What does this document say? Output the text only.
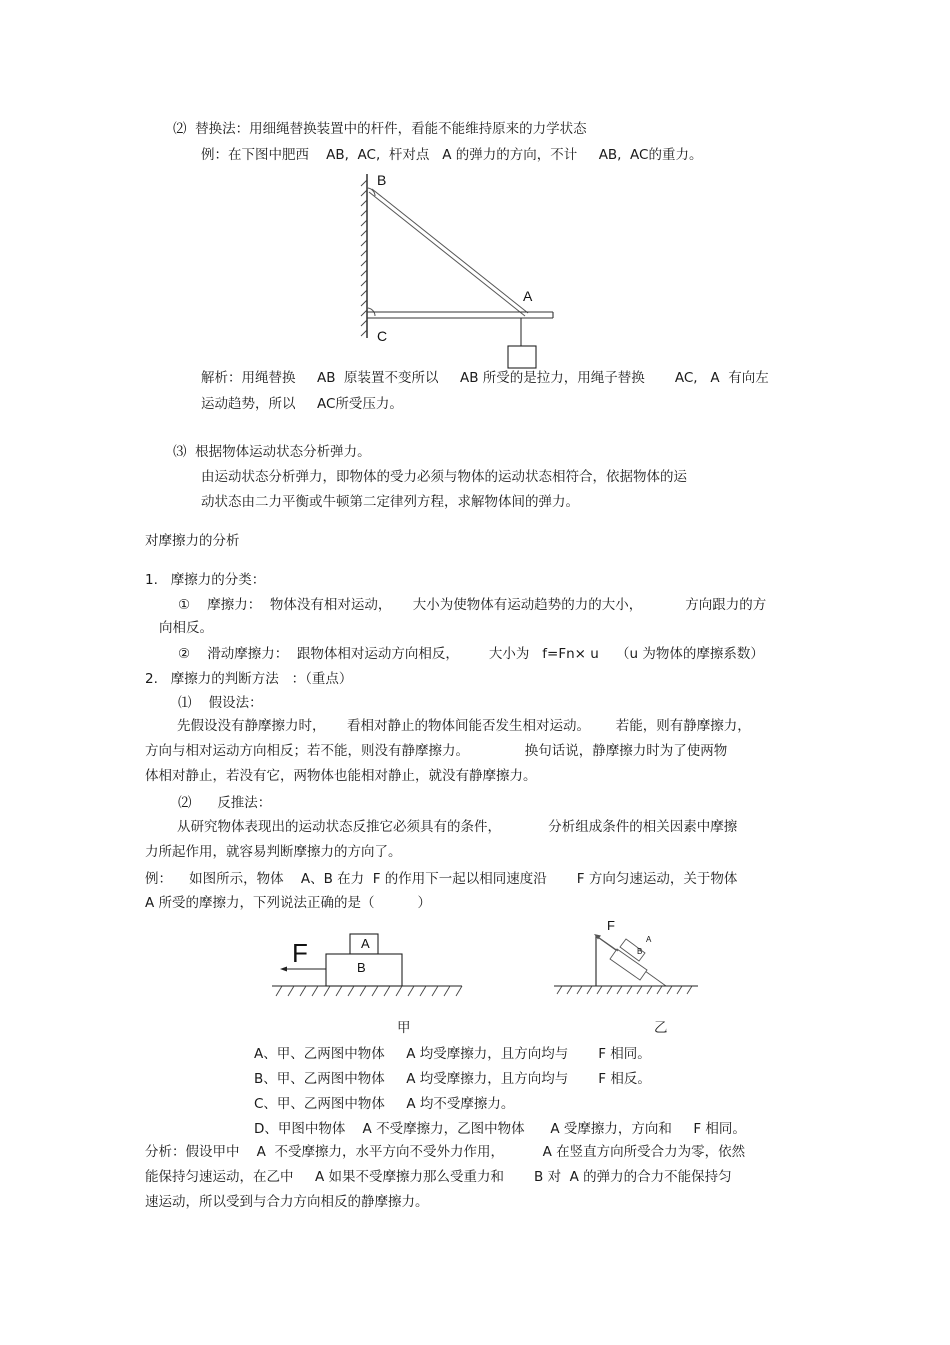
⑵  替换法：用细绳替换装置中的杆件，看能不能维持原来的力学状态
例：在下图中肥西    AB,  AC,  杆对点   A 的弹力的方向，不计     AB,  AC的重力。
B
A
C
解析：用绳替换     AB  原装置不变所以     AB 所受的是拉力，用绳子替换       AC,   A  有向左
运动趋势，所以     AC所受压力。
⑶  根据物体运动状态分析弹力。
由运动状态分析弹力，即物体的受力必须与物体的运动状态相符合，依据物体的运
动状态由二力平衡或牛顿第二定律列方程，求解物体间的弹力。
对摩擦力的分析
1.   摩擦力的分类：
①    摩擦力：  物体没有相对运动，     大小为使物体有运动趋势的力的大小，          方向跟力的方
向相反。
②    滑动摩擦力：  跟物体相对运动方向相反，       大小为   f=Fn× u    （u 为物体的摩擦系数）
2.   摩擦力的判断方法   ：（重点）
⑴    假设法：
先假设没有静摩擦力时，     看相对静止的物体间能否发生相对运动。      若能，则有静摩擦力，
方向与相对运动方向相反；若不能，则没有静摩擦力。             换句话说，静摩擦力时为了使两物
体相对静止，若没有它，两物体也能相对静止，就没有静摩擦力。
⑵      反推法：
从研究物体表现出的运动状态反推它必须具有的条件，           分析组成条件的相关因素中摩擦
力所起作用，就容易判断摩擦力的方向了。
例：    如图所示，物体    A、B 在力  F 的作用下一起以相同速度沿       F 方向匀速运动，关于物体
A 所受的摩擦力，下列说法正确的是（          ）
F	A
B
F
A
B
甲	乙
A、甲、乙两图中物体     A 均受摩擦力，且方向均与       F 相同。
B、甲、乙两图中物体     A 均受摩擦力，且方向均与       F 相反。
C、甲、乙两图中物体     A 均不受摩擦力。
D、甲图中物体    A 不受摩擦力，乙图中物体      A 受摩擦力，方向和     F 相同。
分析：假设甲中    A  不受摩擦力，水平方向不受外力作用，         A 在竖直方向所受合力为零，依然
能保持匀速运动，在乙中     A 如果不受摩擦力那么受重力和       B 对  A 的弹力的合力不能保持匀
速运动，所以受到与合力方向相反的静摩擦力。
